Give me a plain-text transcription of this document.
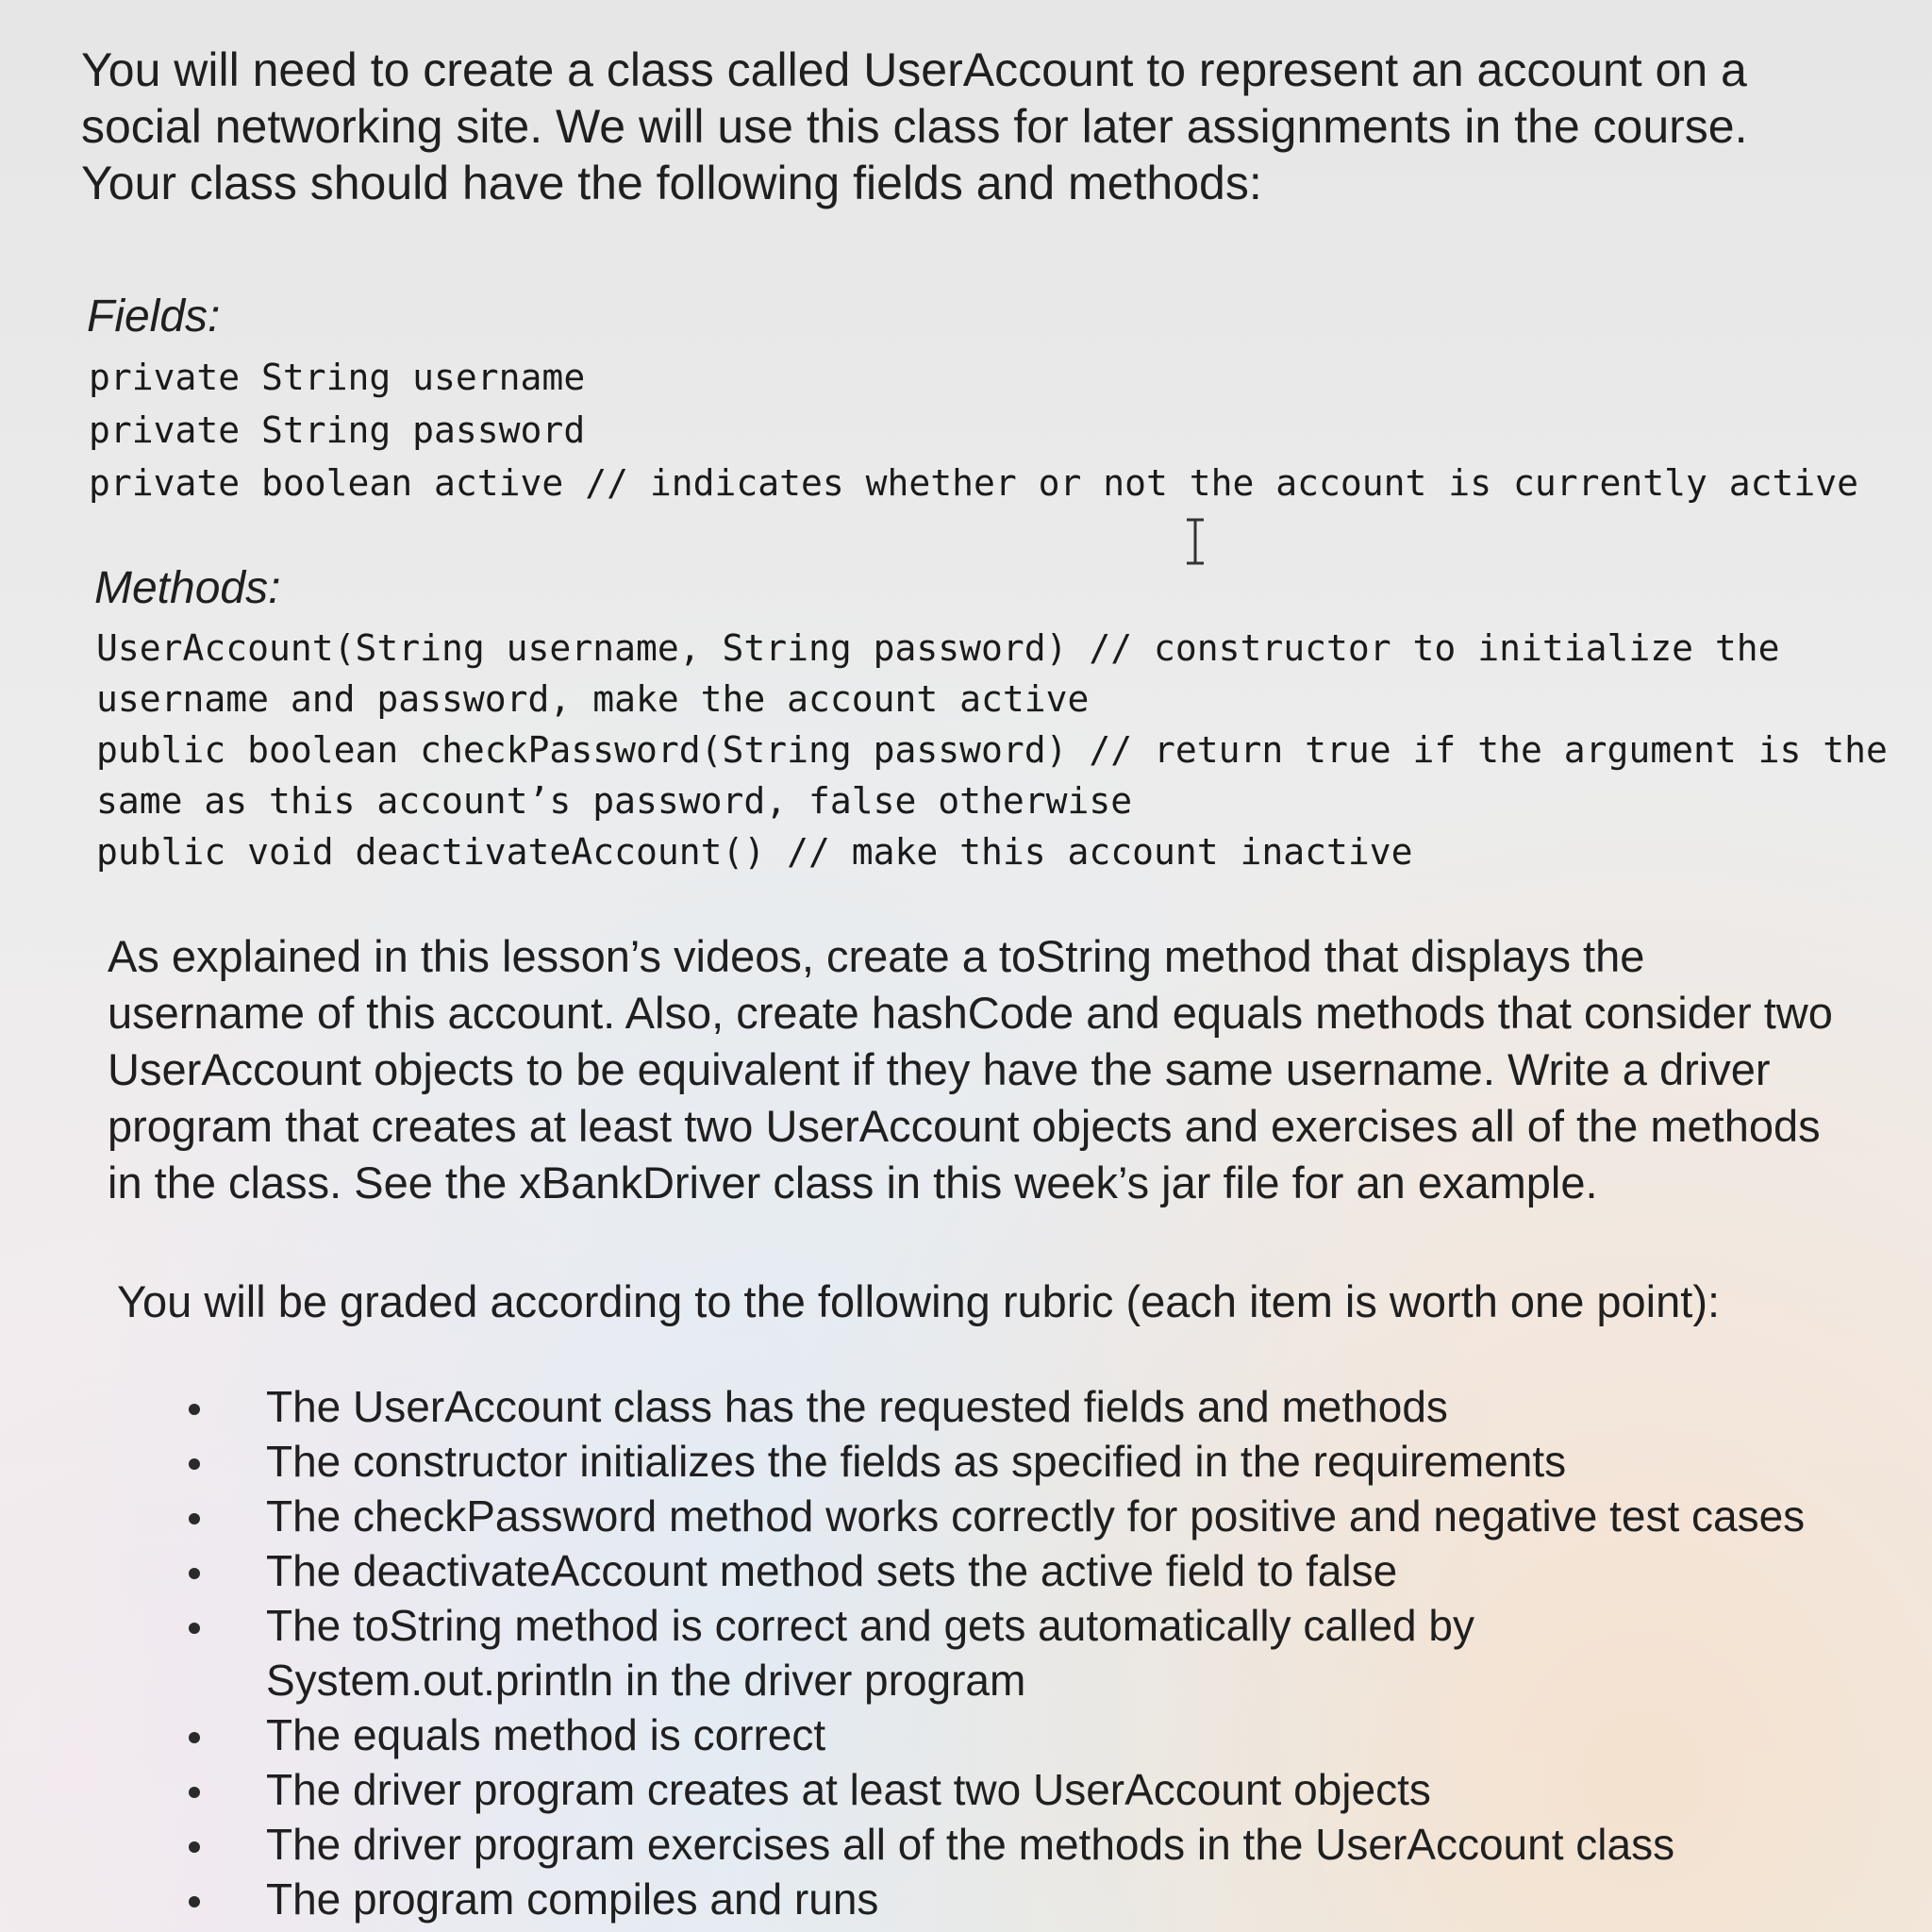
You will need to create a class called UserAccount to represent an account on a
social networking site. We will use this class for later assignments in the course.
Your class should have the following fields and methods:
Fields:
private String username
private String password
private boolean active // indicates whether or not the account is currently active
Methods:
UserAccount(String username, String password) // constructor to initialize the
username and password, make the account active
public boolean checkPassword(String password) // return true if the argument is the
same as this account’s password, false otherwise
public void deactivateAccount() // make this account inactive
As explained in this lesson’s videos, create a toString method that displays the
username of this account. Also, create hashCode and equals methods that consider two
UserAccount objects to be equivalent if they have the same username. Write a driver
program that creates at least two UserAccount objects and exercises all of the methods
in the class. See the xBankDriver class in this week’s jar file for an example.
You will be graded according to the following rubric (each item is worth one point):
The UserAccount class has the requested fields and methods
The constructor initializes the fields as specified in the requirements
The checkPassword method works correctly for positive and negative test cases
The deactivateAccount method sets the active field to false
The toString method is correct and gets automatically called by
System.out.println in the driver program
The equals method is correct
The driver program creates at least two UserAccount objects
The driver program exercises all of the methods in the UserAccount class
The program compiles and runs
